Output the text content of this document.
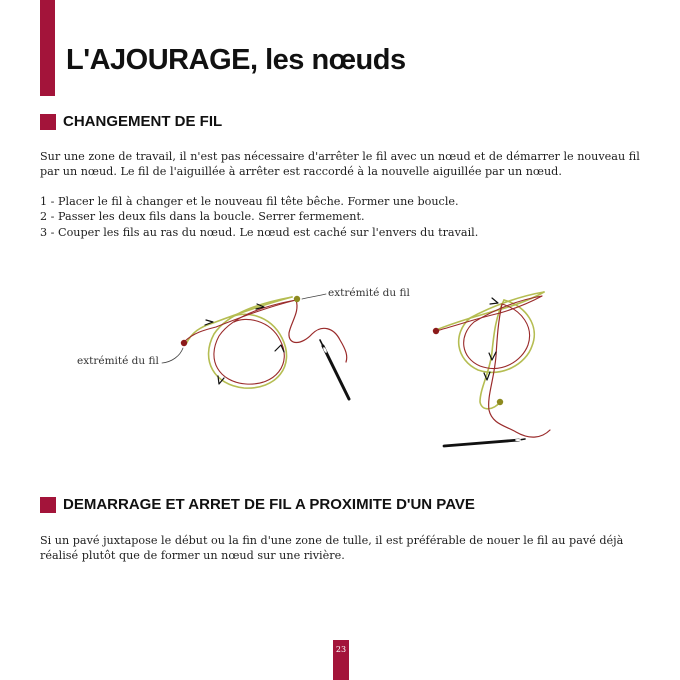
L'AJOURAGE, les nœuds
CHANGEMENT DE FIL

Sur une zone de travail, il n'est pas nécessaire d'arrêter le fil avec un nœud et de démarrer le nouveau fil par un nœud. Le fil de l'aiguillée à arrêter est raccordé à la nouvelle aiguillée par un nœud.

1 - Placer le fil à changer et le nouveau fil tête bêche. Former une boucle.

2 - Passer les deux fils dans la boucle. Serrer fermement.

3 - Couper les fils au ras du nœud. Le nœud est caché sur l'envers du travail.

extrémité du fil

extrémité du fil

DEMARRAGE ET ARRET DE FIL A PROXIMITE D'UN PAVE

Si un pavé juxtapose le début ou la fin d'une zone de tulle, il est préférable de nouer le fil au pavé déjà réalisé plutôt que de former un nœud sur une rivière.

23
